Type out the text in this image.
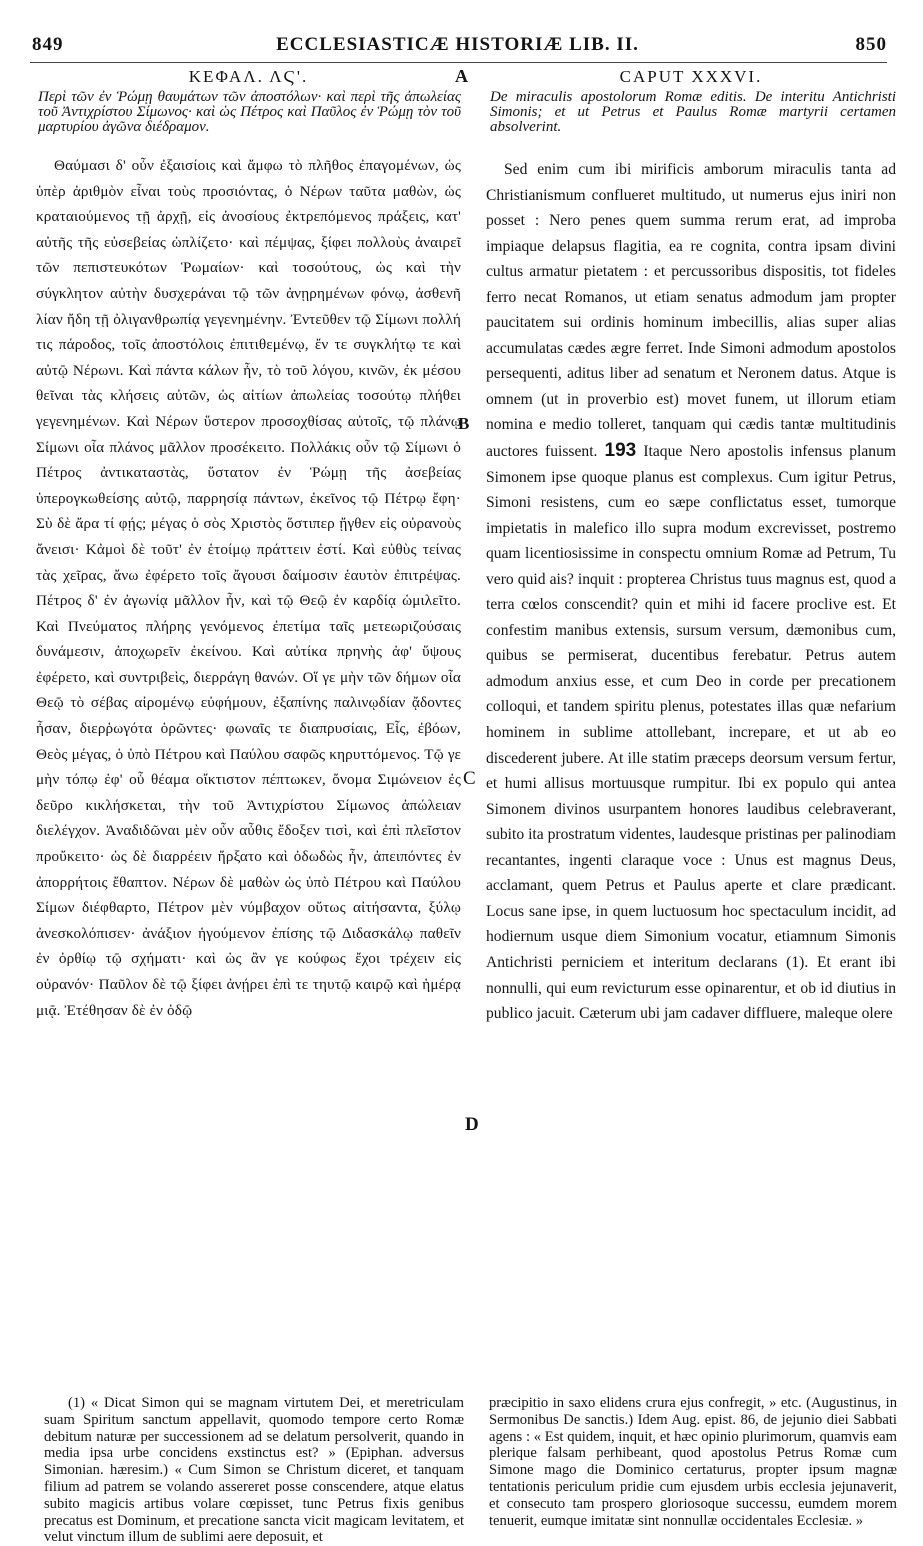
849	ECCLESIASTICÆ HISTORIÆ LIB. II.	850
A
B
C
D
ΚΕΦΑΛ. ΛϚ'.
Περὶ τῶν ἐν Ῥώμῃ θαυμάτων τῶν ἀποστόλων· καὶ περὶ τῆς ἀπωλείας τοῦ Ἀντιχρίστου Σίμωνος· καὶ ὡς Πέτρος καὶ Παῦλος ἐν Ῥώμῃ τὸν τοῦ μαρτυρίου ἀγῶνα διέδραμον.
Θαύμασι δ' οὖν ἐξαισίοις καὶ ἄμφω τὸ πλῆθος ἐπαγομένων, ὡς ὑπὲρ ἀριθμὸν εἶναι τοὺς προσιόντας, ὁ Νέρων ταῦτα μαθὼν, ὡς κραταιούμενος τῇ ἀρχῇ, εἰς ἀνοσίους ἐκτρεπόμενος πράξεις, κατ' αὐτῆς τῆς εὐσεβείας ὡπλίζετο· καὶ πέμψας, ξίφει πολλοὺς ἀναιρεῖ τῶν πεπιστευκότων Ῥωμαίων· καὶ τοσούτους, ὡς καὶ τὴν σύγκλητον αὐτὴν δυσχεράναι τῷ τῶν ἀνῃρημένων φόνῳ, ἀσθενῆ λίαν ἤδη τῇ ὀλιγανθρωπίᾳ γεγενημένην. Ἐντεῦθεν τῷ Σίμωνι πολλή τις πάροδος, τοῖς ἀποστόλοις ἐπιτιθεμένῳ, ἔν τε συγκλήτῳ τε καὶ αὐτῷ Νέρωνι. Καὶ πάντα κάλων ἦν, τὸ τοῦ λόγου, κινῶν, ἐκ μέσου θεῖναι τὰς κλήσεις αὐτῶν, ὡς αἰτίων ἀπωλείας τοσούτῳ πλήθει γεγενημένων. Καὶ Νέρων ὕστερον προσοχθίσας αὐτοῖς, τῷ πλάνῳ Σίμωνι οἷα πλάνος μᾶλλον προσέκειτο. Πολλάκις οὖν τῷ Σίμωνι ὁ Πέτρος ἀντικαταστὰς, ὕστατον ἐν Ῥώμῃ τῆς ἀσεβείας ὑπερογκωθείσης αὐτῷ, παρρησίᾳ πάντων, ἐκεῖνος τῷ Πέτρῳ ἔφη· Σὺ δὲ ἄρα τί φῄς; μέγας ὁ σὸς Χριστὸς ὅστιπερ ᾔγθεν εἰς οὐρανοὺς ἄνεισι· Κἀμοὶ δὲ τοῦτ' ἐν ἑτοίμῳ πράττειν ἐστί. Καὶ εὐθὺς τείνας τὰς χεῖρας, ἄνω ἐφέρετο τοῖς ἄγουσι δαίμοσιν ἑαυτὸν ἐπιτρέψας. Πέτρος δ' ἐν ἀγωνίᾳ μᾶλλον ἦν, καὶ τῷ Θεῷ ἐν καρδίᾳ ὡμιλεῖτο. Καὶ Πνεύματος πλήρης γενόμενος ἐπετίμα ταῖς μετεωριζούσαις δυνάμεσιν, ἀποχωρεῖν ἐκείνου. Καὶ αὐτίκα πρηνὴς ἀφ' ὕψους ἐφέρετο, καὶ συντριβεὶς, διερράγη θανών. Οἵ γε μὴν τῶν δήμων οἷα Θεῷ τὸ σέβας αἰρομένῳ εὐφήμουν, ἐξαπίνης παλινῳδίαν ᾄδοντες ἦσαν, διερῥωγότα ὁρῶντες· φωναῖς τε διαπρυσίαις, Εἷς, ἐβόων, Θεὸς μέγας, ὁ ὑπὸ Πέτρου καὶ Παύλου σαφῶς κηρυττόμενος. Τῷ γε μὴν τόπῳ ἐφ' οὗ θέαμα οἴκτιστον πέπτωκεν, ὄνομα Σιμώνειον ἐς δεῦρο κικλήσκεται, τὴν τοῦ Ἀντιχρίστου Σίμωνος ἀπώλειαν διελέγχον. Ἀναδιδῶναι μὲν οὖν αὖθις ἔδοξεν τισὶ, καὶ ἐπὶ πλεῖστον προὔκειτο· ὡς δὲ διαρρέειν ἤρξατο καὶ ὀδωδὼς ἦν, ἀπειπόντες ἐν ἀπορρήτοις ἔθαπτον. Νέρων δὲ μαθὼν ὡς ὑπὸ Πέτρου καὶ Παύλου Σίμων διέφθαρτο, Πέτρον μὲν νύμβαχον οὕτως αἰτήσαντα, ξύλῳ ἀνεσκολόπισεν· ἀνάξιον ἡγούμενον ἐπίσης τῷ Διδασκάλῳ παθεῖν ἐν ὀρθίῳ τῷ σχήματι· καὶ ὡς ἂν γε κούφως ἔχοι τρέχειν εἰς οὐρανόν· Παῦλον δὲ τῷ ξίφει ἀνῄρει ἐπὶ τε τηυτῷ καιρῷ καὶ ἡμέρᾳ μιᾷ. Ἐτέθησαν δὲ ἐν ὁδῷ
CAPUT XXXVI.
De miraculis apostolorum Romæ editis. De interitu Antichristi Simonis; et ut Petrus et Paulus Romæ martyrii certamen absolverint.
Sed enim cum ibi mirificis amborum miraculis tanta ad Christianismum conflueret multitudo, ut numerus ejus iniri non posset : Nero penes quem summa rerum erat, ad improba impiaque delapsus flagitia, ea re cognita, contra ipsam divini cultus armatur pietatem : et percussoribus dispositis, tot fideles ferro necat Romanos, ut etiam senatus admodum jam propter paucitatem sui ordinis hominum imbecillis, alias super alias accumulatas cædes ægre ferret. Inde Simoni admodum apostolos persequenti, aditus liber ad senatum et Neronem datus. Atque is omnem (ut in proverbio est) movet funem, ut illorum etiam nomina e medio tolleret, tanquam qui cædis tantæ multitudinis auctores fuissent. 193 Itaque Nero apostolis infensus planum Simonem ipse quoque planus est complexus. Cum igitur Petrus, Simoni resistens, cum eo sæpe conflictatus esset, tumorque impietatis in malefico illo supra modum excrevisset, postremo quam licentiosissime in conspectu omnium Romæ ad Petrum, Tu vero quid ais? inquit : propterea Christus tuus magnus est, quod a terra cœlos conscendit? quin et mihi id facere proclive est. Et confestim manibus extensis, sursum versum, dæmonibus cum, quibus se permiserat, ducentibus ferebatur. Petrus autem admodum anxius esse, et cum Deo in corde per precationem colloqui, et tandem spiritu plenus, potestates illas quæ nefarium hominem in sublime attollebant, increpare, et ut ab eo discederent jubere. At ille statim præceps deorsum versum fertur, et humi allisus mortuusque rumpitur. Ibi ex populo qui antea Simonem divinos usurpantem honores laudibus celebraverant, subito ita prostratum videntes, laudesque pristinas per palinodiam recantantes, ingenti claraque voce : Unus est magnus Deus, acclamant, quem Petrus et Paulus aperte et clare prædicant. Locus sane ipse, in quem luctuosum hoc spectaculum incidit, ad hodiernum usque diem Simonium vocatur, etiamnum Simonis Antichristi perniciem et interitum declarans (1). Et erant ibi nonnulli, qui eum revicturum esse opinarentur, et ob id diutius in publico jacuit. Cæterum ubi jam cadaver diffluere, maleque olere
(1) « Dicat Simon qui se magnam virtutem Dei, et meretriculam suam Spiritum sanctum appellavit, quomodo tempore certo Romæ debitum naturæ per successionem ad se delatum persolverit, quando in media ipsa urbe concidens exstinctus est? » (Epiphan. adversus Simonian. hæresim.) « Cum Simon se Christum diceret, et tanquam filium ad patrem se volando assereret posse conscendere, atque elatus subito magicis artibus volare cœpisset, tunc Petrus fixis genibus precatus est Dominum, et precatione sancta vicit magicam levitatem, et velut vinctum illum de sublimi aere deposuit, et
præcipitio in saxo elidens crura ejus confregit, » etc. (Augustinus, in Sermonibus De sanctis.) Idem Aug. epist. 86, de jejunio diei Sabbati agens : « Est quidem, inquit, et hæc opinio plurimorum, quamvis eam plerique falsam perhibeant, quod apostolus Petrus Romæ cum Simone mago die Dominico certaturus, propter ipsum magnæ tentationis periculum pridie cum ejusdem urbis ecclesia jejunaverit, et consecuto tam prospero gloriosoque successu, eumdem morem tenuerit, eumque imitatæ sint nonnullæ occidentales Ecclesiæ. »
